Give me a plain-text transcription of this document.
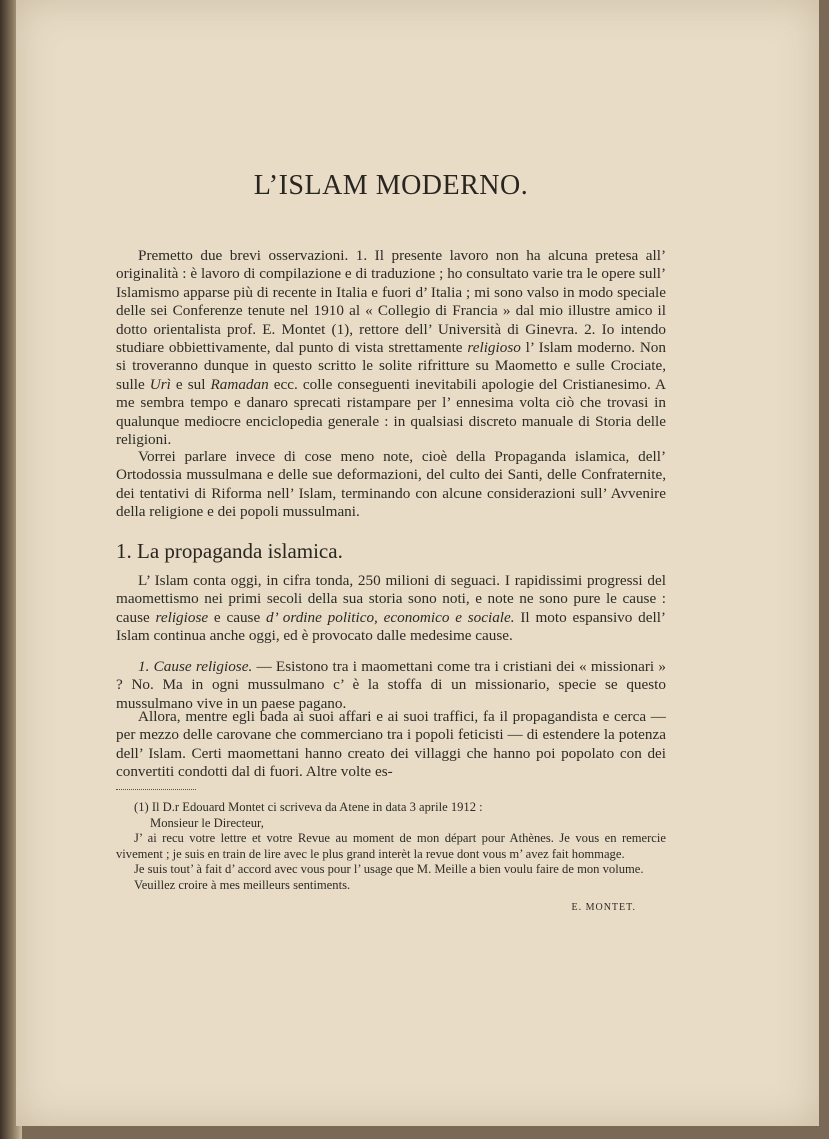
L’ISLAM MODERNO.

Premetto due brevi osservazioni. 1. Il presente lavoro non ha alcuna pretesa all’ originalità : è lavoro di compilazione e di traduzione ; ho consultato varie tra le opere sull’ Islamismo apparse più di recente in Italia e fuori d’ Italia ; mi sono valso in modo speciale delle sei Conferenze tenute nel 1910 al « Collegio di Francia » dal mio illustre amico il dotto orientalista prof. E. Montet (1), rettore dell’ Università di Ginevra. 2. Io intendo studiare obbiettivamente, dal punto di vista strettamente religioso l’ Islam moderno. Non si troveranno dunque in questo scritto le solite rifritture su Maometto e sulle Crociate, sulle Urì e sul Ramadan ecc. colle conseguenti inevitabili apologie del Cristianesimo. A me sembra tempo e danaro sprecati ristampare per l’ ennesima volta ciò che trovasi in qualunque mediocre enciclopedia generale : in qualsiasi discreto manuale di Storia delle religioni.

Vorrei parlare invece di cose meno note, cioè della Propaganda islamica, dell’ Ortodossia mussulmana e delle sue deformazioni, del culto dei Santi, delle Confraternite, dei tentativi di Riforma nell’ Islam, terminando con alcune considerazioni sull’ Avvenire della religione e dei popoli mussulmani.

1. La propaganda islamica.

L’ Islam conta oggi, in cifra tonda, 250 milioni di seguaci. I rapidissimi progressi del maomettismo nei primi secoli della sua storia sono noti, e note ne sono pure le cause : cause religiose e cause d’ ordine politico, economico e sociale. Il moto espansivo dell’ Islam continua anche oggi, ed è provocato dalle medesime cause.

1. Cause religiose. — Esistono tra i maomettani come tra i cristiani dei « missionari » ? No. Ma in ogni mussulmano c’ è la stoffa di un missionario, specie se questo mussulmano vive in un paese pagano.

Allora, mentre egli bada ai suoi affari e ai suoi traffici, fa il propagandista e cerca — per mezzo delle carovane che commerciano tra i popoli feticisti — di estendere la potenza dell’ Islam. Certi maomettani hanno creato dei villaggi che hanno poi popolato con dei convertiti condotti dal di fuori. Altre volte es-

(1) Il D.r Edouard Montet ci scriveva da Atene in data 3 aprile 1912 :
Monsieur le Directeur,
J’ ai recu votre lettre et votre Revue au moment de mon départ pour Athènes. Je vous en remercie vivement ; je suis en train de lire avec le plus grand interèt la revue dont vous m’ avez fait hommage.
Je suis tout’ à fait d’ accord avec vous pour l’ usage que M. Meille a bien voulu faire de mon volume.
Veuillez croire à mes meilleurs sentiments.
E. MONTET.
